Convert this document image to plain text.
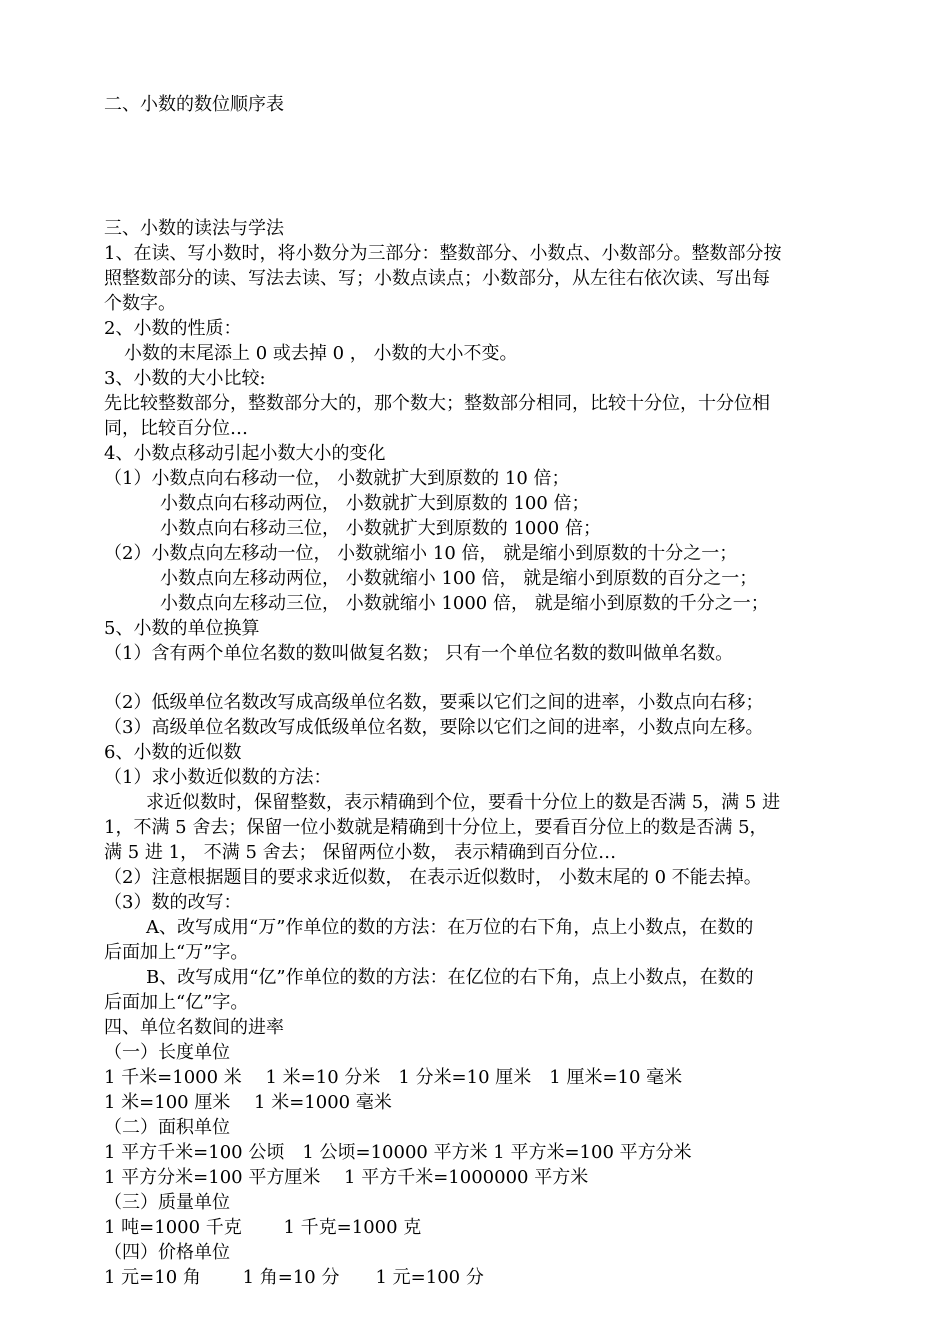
二、小数的数位顺序表
三、小数的读法与学法
1、在读、写小数时，将小数分为三部分：整数部分、小数点、小数部分。整数部分按
照整数部分的读、写法去读、写；小数点读点；小数部分，从左往右依次读、写出每
个数字。
2、小数的性质：
小数的末尾添上 0 或去掉 0 ， 小数的大小不变。
3、小数的大小比较:
先比较整数部分，整数部分大的，那个数大；整数部分相同，比较十分位，十分位相
同，比较百分位…
4、小数点移动引起小数大小的变化
（1）小数点向右移动一位， 小数就扩大到原数的 10 倍；
小数点向右移动两位， 小数就扩大到原数的 100 倍；
小数点向右移动三位， 小数就扩大到原数的 1000 倍；
（2）小数点向左移动一位， 小数就缩小 10 倍， 就是缩小到原数的十分之一；
小数点向左移动两位， 小数就缩小 100 倍， 就是缩小到原数的百分之一；
小数点向左移动三位， 小数就缩小 1000 倍， 就是缩小到原数的千分之一；
5、小数的单位换算
（1）含有两个单位名数的数叫做复名数； 只有一个单位名数的数叫做单名数。
（2）低级单位名数改写成高级单位名数，要乘以它们之间的进率，小数点向右移；
（3）高级单位名数改写成低级单位名数，要除以它们之间的进率，小数点向左移。
6、小数的近似数
（1）求小数近似数的方法：
求近似数时，保留整数，表示精确到个位，要看十分位上的数是否满 5，满 5 进
1，不满 5 舍去；保留一位小数就是精确到十分位上，要看百分位上的数是否满 5，
满 5 进 1， 不满 5 舍去； 保留两位小数， 表示精确到百分位…
（2）注意根据题目的要求求近似数， 在表示近似数时， 小数末尾的 0 不能去掉。
（3）数的改写：
A、改写成用“万”作单位的数的方法：在万位的右下角，点上小数点，在数的
后面加上“万”字。
B、改写成用“亿”作单位的数的方法：在亿位的右下角，点上小数点，在数的
后面加上“亿”字。
四、单位名数间的进率
（一）长度单位
1 千米=1000 米　 1 米=10 分米　1 分米=10 厘米　1 厘米=10 毫米
1 米=100 厘米　 1 米=1000 毫米
（二）面积单位
1 平方千米=100 公顷　1 公顷=10000 平方米 1 平方米=100 平方分米
1 平方分米=100 平方厘米　 1 平方千米=1000000 平方米
（三）质量单位
1 吨=1000 千克　　 1 千克=1000 克
（四）价格单位
1 元=10 角　　 1 角=10 分　　1 元=100 分
